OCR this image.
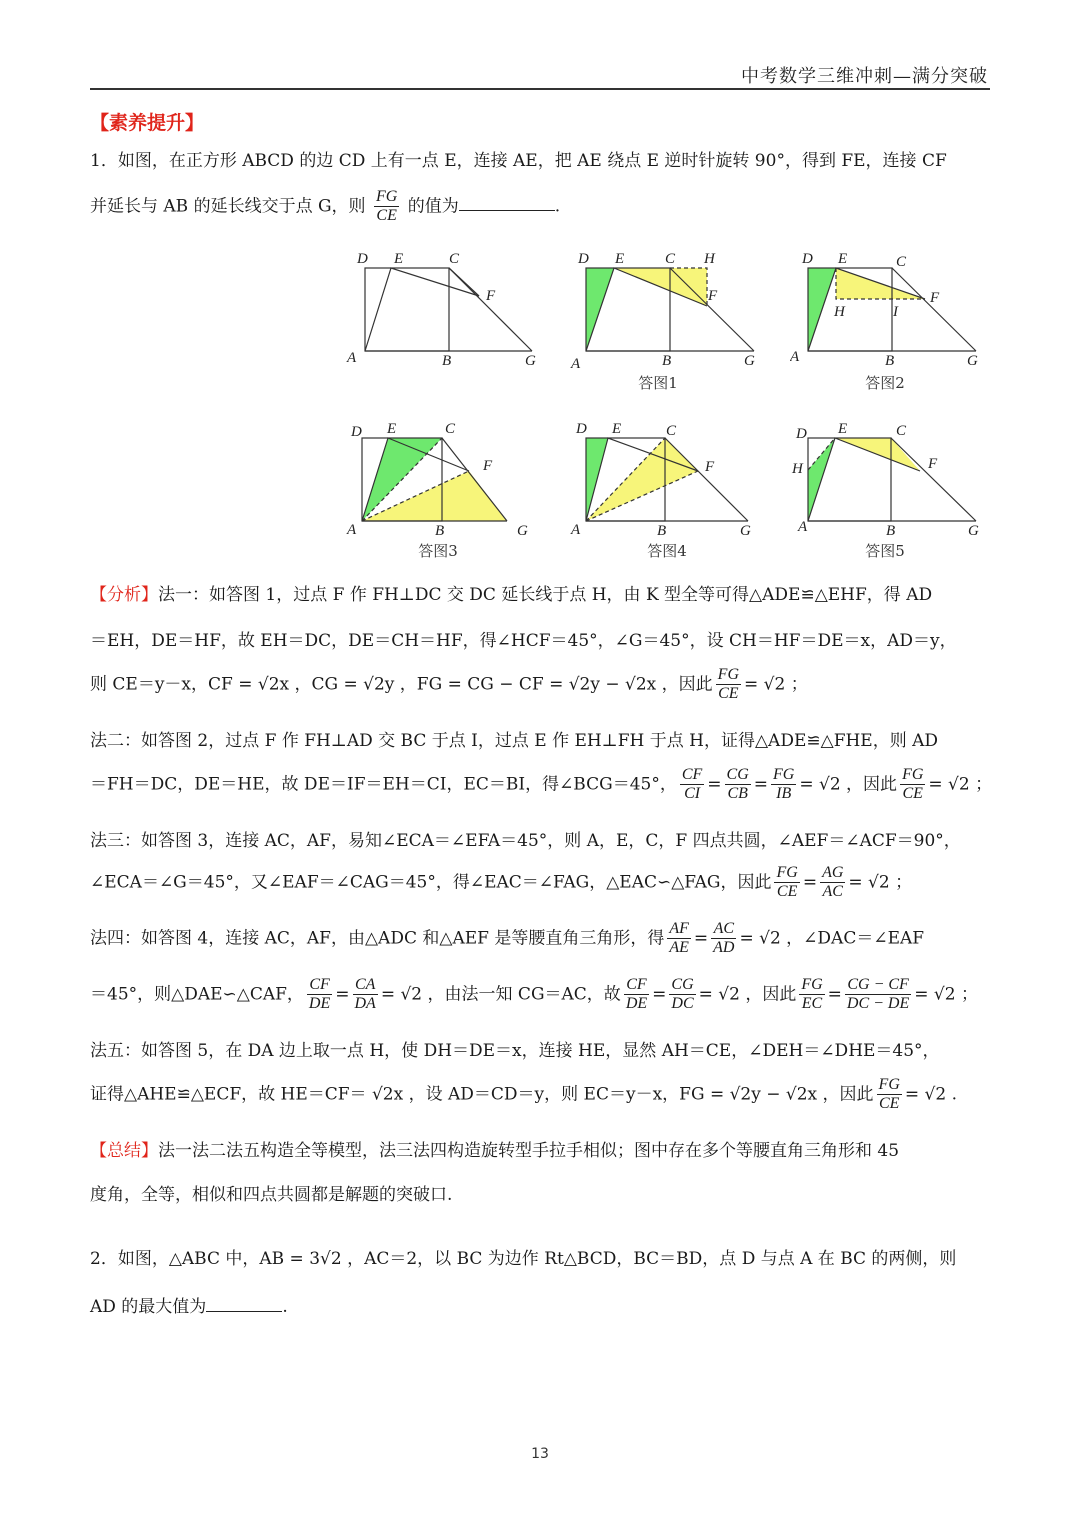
中考数学三维冲刺—满分突破
【素养提升】
1．如图，在正方形 ABCD 的边 CD 上有一点 E，连接 AE，把 AE 绕点 E 逆时针旋转 90°，得到 FE，连接 CF
并延长与 AB 的延长线交于点 G，则 $\frac{FG}{CE}$ 的值为	.
D E	C
F
A	B	G
D E	C H
F
A	B	G
答图1
D E	C
F
H	I
A	B	G
答图2
D E	C
F
A	B	G
答图3
D E	C
F
A	B	G
答图4
D E	C
F
H
A	B	G
答图5
【分析】法一：如答图 1，过点 F 作 FH⊥DC 交 DC 延长线于点 H，由 K 型全等可得△ADE≌△EHF，得 AD
＝EH，DE＝HF，故 EH＝DC，DE＝CH＝HF，得∠HCF＝45°，∠G＝45°，设 CH＝HF＝DE＝x，AD＝y，
则 CE＝y－x，CF = √2x ，CG = √2y ，FG = CG − CF = √2y − √2x ，因此 $\frac{FG}{CE} = √2$ ；
法二：如答图 2，过点 F 作 FH⊥AD 交 BC 于点 I，过点 E 作 EH⊥FH 于点 H，证得△ADE≌△FHE，则 AD
＝FH＝DC，DE＝HE，故 DE＝IF＝EH＝CI，EC＝BI，得∠BCG＝45°， $\frac{CF}{CI} = \frac{CG}{CB} = \frac{FG}{IB} = √2$ ，因此 $\frac{FG}{CE} = √2$ ；
法三：如答图 3，连接 AC，AF，易知∠ECA＝∠EFA＝45°，则 A，E，C，F 四点共圆，∠AEF＝∠ACF＝90°，
∠ECA＝∠G＝45°，又∠EAF＝∠CAG＝45°，得∠EAC＝∠FAG，△EAC∽△FAG，因此 $\frac{FG}{CE} = \frac{AG}{AC} = √2$ ；
法四：如答图 4，连接 AC，AF，由△ADC 和△AEF 是等腰直角三角形，得 $\frac{AF}{AE} = \frac{AC}{AD} = √2$ ，∠DAC＝∠EAF
＝45°，则△DAE∽△CAF， $\frac{CF}{DE} = \frac{CA}{DA} = √2$ ，由法一知 CG＝AC，故 $\frac{CF}{DE} = \frac{CG}{DC} = √2$ ，因此 $\frac{FG}{EC} = \frac{CG - CF}{DC - DE} = √2$ ；
法五：如答图 5，在 DA 边上取一点 H，使 DH＝DE＝x，连接 HE，显然 AH＝CE，∠DEH＝∠DHE＝45°，
证得△AHE≌△ECF，故 HE＝CF＝ √2x ，设 AD＝CD＝y，则 EC＝y－x，FG = √2y − √2x ，因此 $\frac{FG}{CE} = √2$ .
【总结】法一法二法五构造全等模型，法三法四构造旋转型手拉手相似；图中存在多个等腰直角三角形和 45
度角，全等，相似和四点共圆都是解题的突破口.
2．如图，△ABC 中，AB = 3√2 ，AC＝2，以 BC 为边作 Rt△BCD，BC＝BD，点 D 与点 A 在 BC 的两侧，则
AD 的最大值为	.
13
